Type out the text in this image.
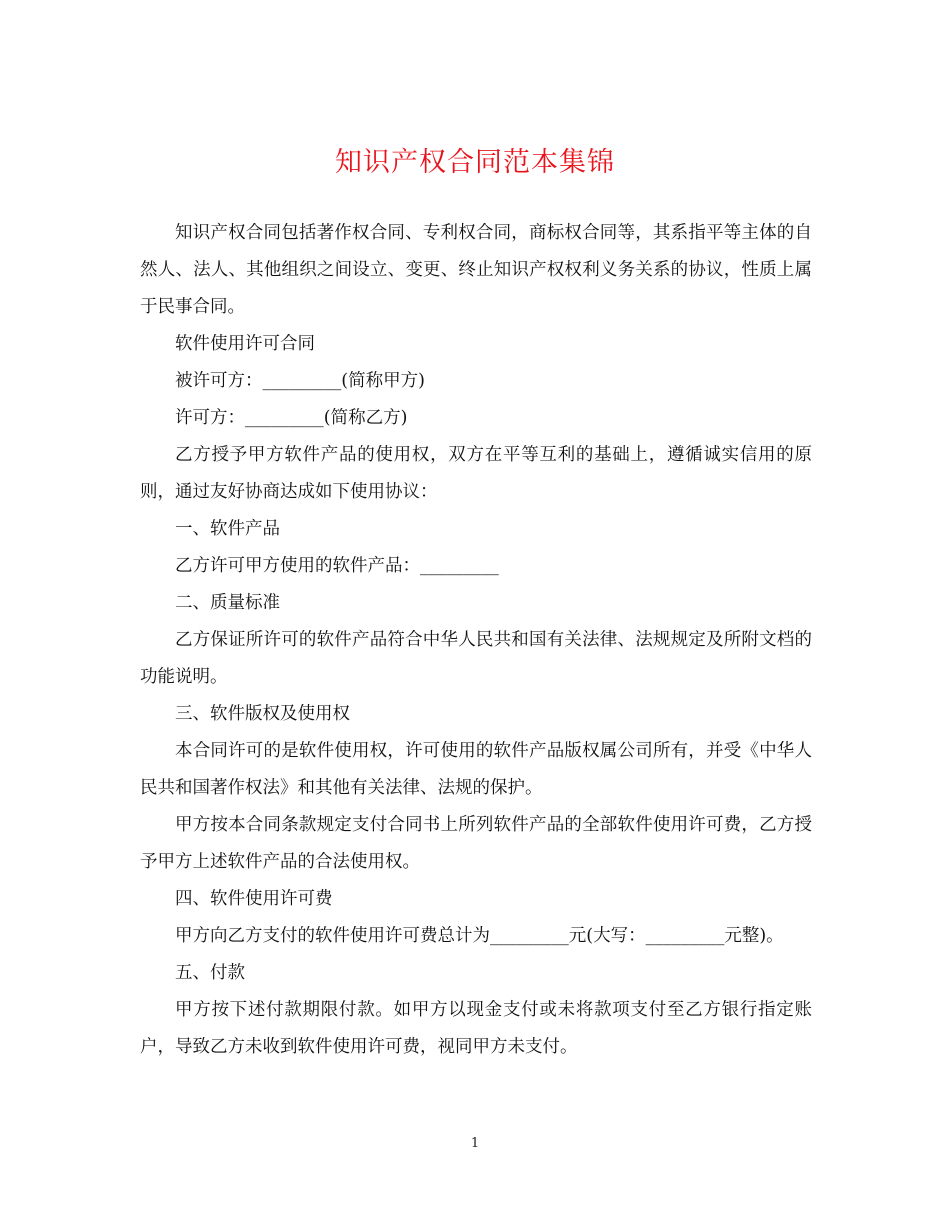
知识产权合同范本集锦

知识产权合同包括著作权合同、专利权合同，商标权合同等，其系指平等主体的自然人、法人、其他组织之间设立、变更、终止知识产权权利义务关系的协议，性质上属于民事合同。

软件使用许可合同

被许可方：_________(简称甲方)

许可方：_________(简称乙方)

乙方授予甲方软件产品的使用权，双方在平等互利的基础上，遵循诚实信用的原则，通过友好协商达成如下使用协议：

一、软件产品

乙方许可甲方使用的软件产品：_________

二、质量标准

乙方保证所许可的软件产品符合中华人民共和国有关法律、法规规定及所附文档的功能说明。

三、软件版权及使用权

本合同许可的是软件使用权，许可使用的软件产品版权属公司所有，并受《中华人民共和国著作权法》和其他有关法律、法规的保护。

甲方按本合同条款规定支付合同书上所列软件产品的全部软件使用许可费，乙方授予甲方上述软件产品的合法使用权。

四、软件使用许可费

甲方向乙方支付的软件使用许可费总计为_________元(大写：_________元整)。

五、付款

甲方按下述付款期限付款。如甲方以现金支付或未将款项支付至乙方银行指定账户，导致乙方未收到软件使用许可费，视同甲方未支付。

1
